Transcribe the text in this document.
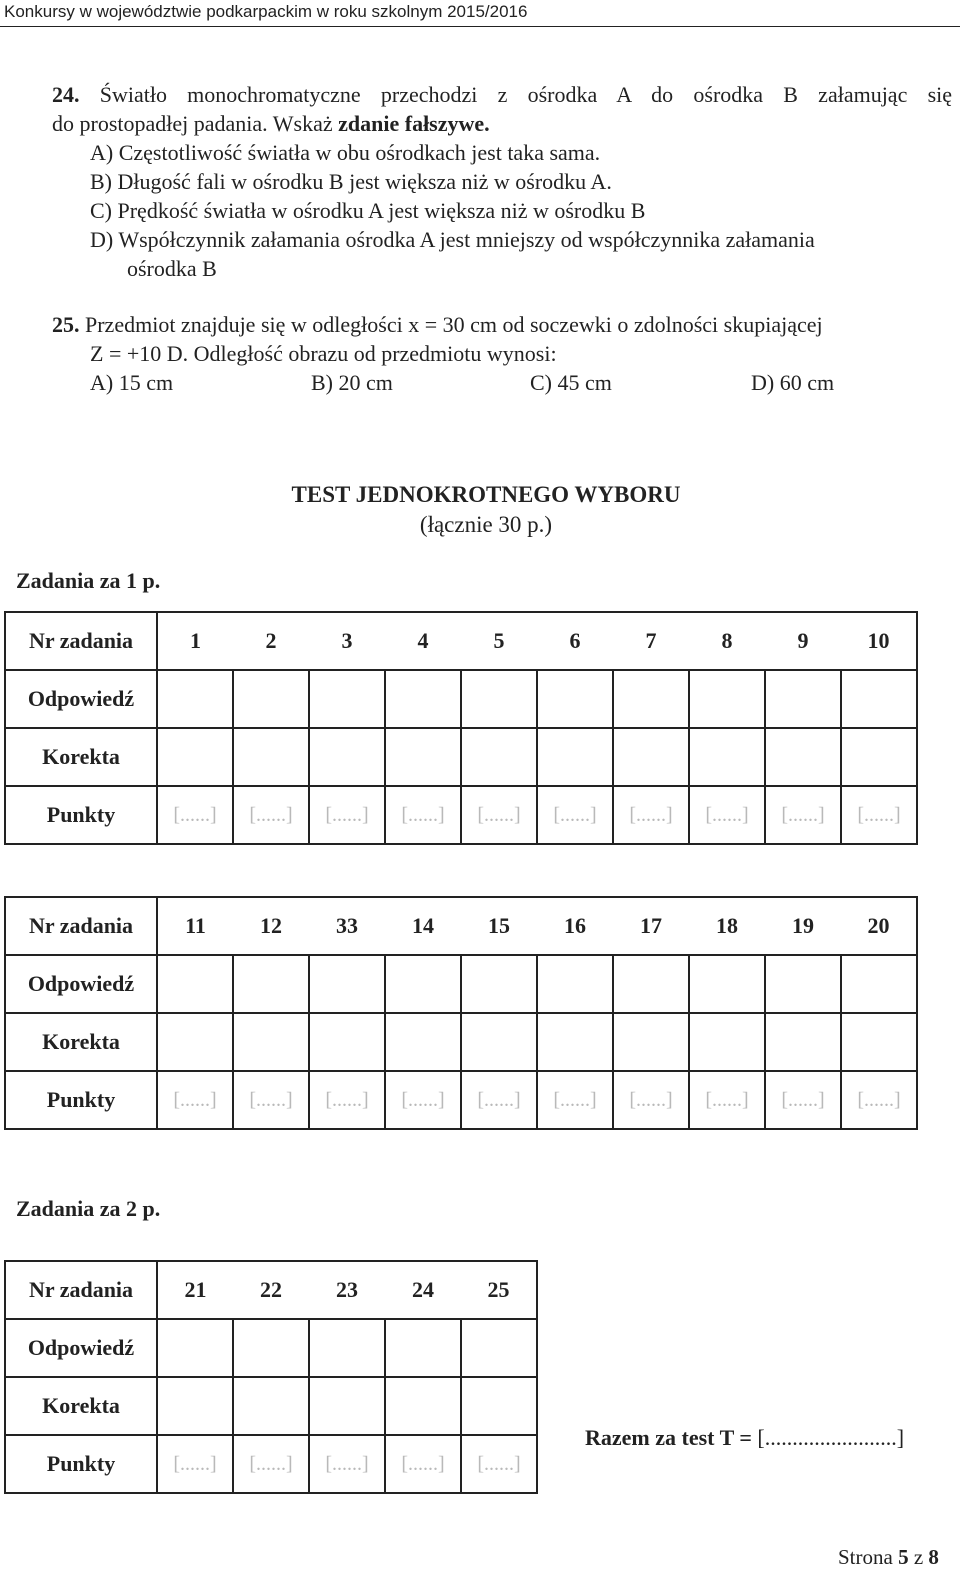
Konkursy w województwie podkarpackim w roku szkolnym 2015/2016
24. Światło monochromatyczne przechodzi z ośrodka A do ośrodka B załamując się
do prostopadłej padania. Wskaż zdanie fałszywe.
A) Częstotliwość światła w obu ośrodkach jest taka sama.
B) Długość fali w ośrodku B jest większa niż w ośrodku A.
C) Prędkość światła w ośrodku A jest większa niż w ośrodku B
D) Współczynnik załamania ośrodka A jest mniejszy od współczynnika załamania
ośrodka B
25. Przedmiot znajduje się w odległości x = 30 cm od soczewki o zdolności skupiającej
Z = +10 D. Odległość obrazu od przedmiotu wynosi:
A) 15 cm	B) 20 cm	C) 45 cm	D) 60 cm
TEST JEDNOKROTNEGO WYBORU
(łącznie 30 p.)
Zadania za 1 p.
Nr zadania	1	2	3	4	5	6	7	8	9	10
Odpowiedź										
Korekta										
Punkty	[......]	[......]	[......]	[......]	[......]	[......]	[......]	[......]	[......]	[......]
Nr zadania	11	12	33	14	15	16	17	18	19	20
Odpowiedź										
Korekta										
Punkty	[......]	[......]	[......]	[......]	[......]	[......]	[......]	[......]	[......]	[......]
Zadania za 2 p.
Nr zadania	21	22	23	24	25
Odpowiedź					
Korekta					
Punkty	[......]	[......]	[......]	[......]	[......]
Razem za test T = [........................]
Strona 5 z 8
